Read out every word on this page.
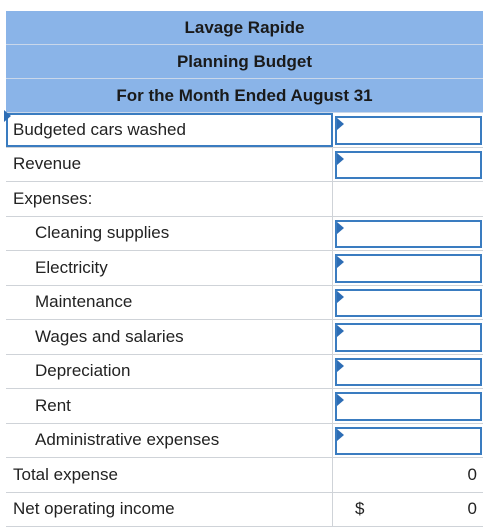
Lavage Rapide
Planning Budget
For the Month Ended August 31
Budgeted cars washed
Revenue
Expenses:
Cleaning supplies
Electricity
Maintenance
Wages and salaries
Depreciation
Rent
Administrative expenses
Total expense	0
Net operating income	$	0
